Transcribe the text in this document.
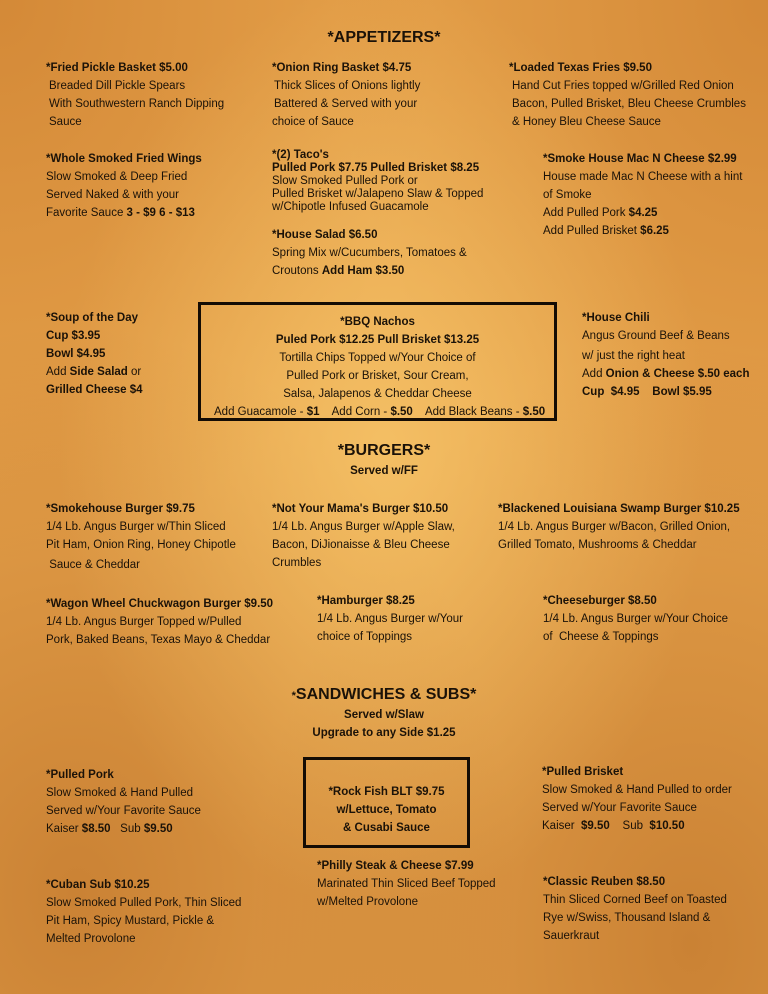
*APPETIZERS*
*Fried Pickle Basket $5.00
Breaded Dill Pickle Spears
With Southwestern Ranch Dipping
Sauce
*Onion Ring Basket $4.75
Thick Slices of Onions lightly
Battered & Served with your
choice of Sauce
*Loaded Texas Fries $9.50
Hand Cut Fries topped w/Grilled Red Onion
Bacon, Pulled Brisket, Bleu Cheese Crumbles
& Honey Bleu Cheese Sauce
*Whole Smoked Fried Wings
Slow Smoked & Deep Fried
Served Naked & with your
Favorite Sauce 3 - $9 6 - $13
*(2) Taco's
Pulled Pork $7.75 Pulled Brisket $8.25
Slow Smoked Pulled Pork or
Pulled Brisket w/Jalapeno Slaw & Topped
w/Chipotle Infused Guacamole
*Smoke House Mac N Cheese $2.99
House made Mac N Cheese with a hint
of Smoke
Add Pulled Pork $4.25
Add Pulled Brisket $6.25
*House Salad $6.50
Spring Mix w/Cucumbers, Tomatoes &
Croutons Add Ham $3.50
*Soup of the Day
Cup $3.95
Bowl $4.95
Add Side Salad or
Grilled Cheese $4
*BBQ Nachos
Puled Pork $12.25 Pull Brisket $13.25
Tortilla Chips Topped w/Your Choice of
Pulled Pork or Brisket, Sour Cream,
Salsa, Jalapenos & Cheddar Cheese
Add Guacamole - $1    Add Corn - $.50    Add Black Beans - $.50
*House Chili
Angus Ground Beef & Beans
w/ just the right heat
Add Onion & Cheese $.50 each
Cup  $4.95    Bowl $5.95
*BURGERS*
Served w/FF
*Smokehouse Burger $9.75
1/4 Lb. Angus Burger w/Thin Sliced
Pit Ham, Onion Ring, Honey Chipotle
Sauce & Cheddar
*Not Your Mama's Burger $10.50
1/4 Lb. Angus Burger w/Apple Slaw,
Bacon, DiJionaisse & Bleu Cheese
Crumbles
*Blackened Louisiana Swamp Burger $10.25
1/4 Lb. Angus Burger w/Bacon, Grilled Onion,
Grilled Tomato, Mushrooms & Cheddar
*Wagon Wheel Chuckwagon Burger $9.50
1/4 Lb. Angus Burger Topped w/Pulled
Pork, Baked Beans, Texas Mayo & Cheddar
*Hamburger $8.25
1/4 Lb. Angus Burger w/Your
choice of Toppings
*Cheeseburger $8.50
1/4 Lb. Angus Burger w/Your Choice
of  Cheese & Toppings
*SANDWICHES & SUBS*
Served w/Slaw
Upgrade to any Side $1.25
*Pulled Pork
Slow Smoked & Hand Pulled
Served w/Your Favorite Sauce
Kaiser $8.50   Sub $9.50
*Rock Fish BLT $9.75
w/Lettuce, Tomato
& Cusabi Sauce
*Pulled Brisket
Slow Smoked & Hand Pulled to order
Served w/Your Favorite Sauce
Kaiser  $9.50    Sub  $10.50
*Philly Steak & Cheese $7.99
Marinated Thin Sliced Beef Topped
w/Melted Provolone
*Cuban Sub $10.25
Slow Smoked Pulled Pork, Thin Sliced
Pit Ham, Spicy Mustard, Pickle &
Melted Provolone
*Classic Reuben $8.50
Thin Sliced Corned Beef on Toasted
Rye w/Swiss, Thousand Island &
Sauerkraut
